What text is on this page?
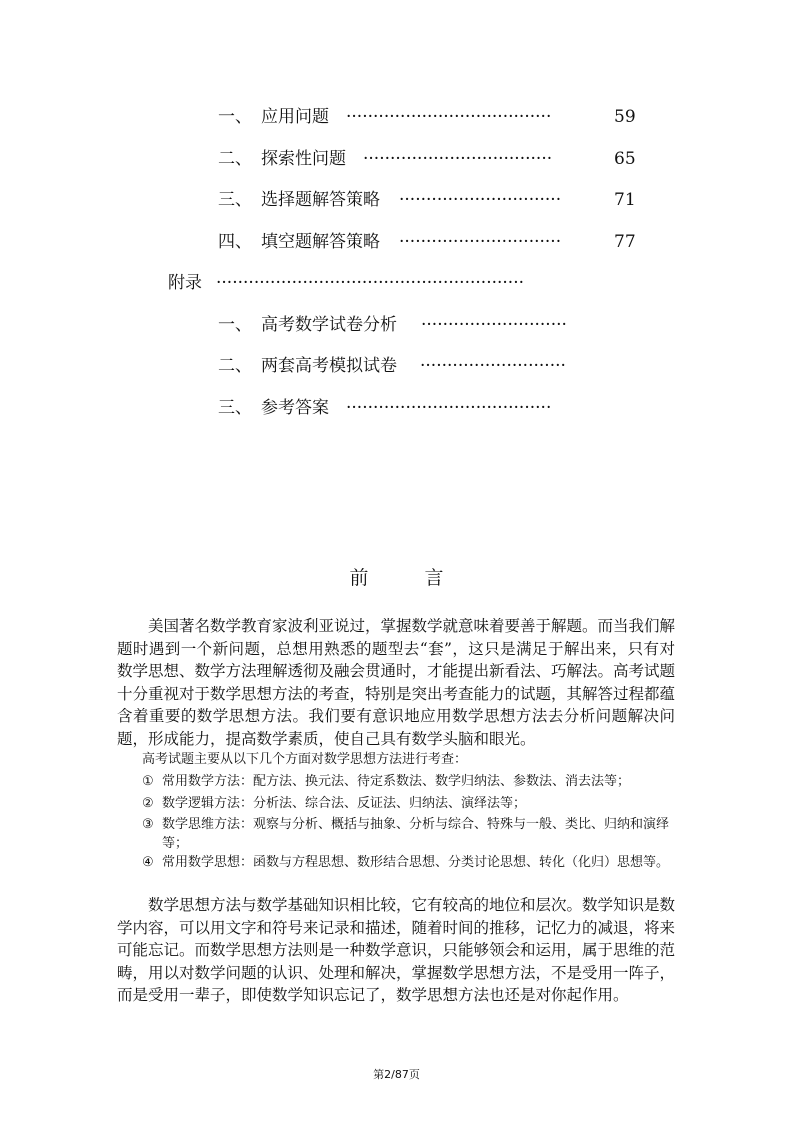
一、 应用问题 ······································	59
二、 探索性问题 ···································	65
三、 选择题解答策略 ······························	71
四、 填空题解答策略 ······························	77
附录 ·························································
一、 高考数学试卷分析 ···························
二、 两套高考模拟试卷 ···························
三、 参考答案 ······································
前言

美国著名数学教育家波利亚说过，掌握数学就意味着要善于解题。而当我们解题时遇到一个新问题，总想用熟悉的题型去“套”，这只是满足于解出来，只有对数学思想、数学方法理解透彻及融会贯通时，才能提出新看法、巧解法。高考试题十分重视对于数学思想方法的考查，特别是突出考查能力的试题，其解答过程都蕴含着重要的数学思想方法。我们要有意识地应用数学思想方法去分析问题解决问题，形成能力，提高数学素质，使自己具有数学头脑和眼光。

高考试题主要从以下几个方面对数学思想方法进行考查：

① 常用数学方法：配方法、换元法、待定系数法、数学归纳法、参数法、消去法等；
② 数学逻辑方法：分析法、综合法、反证法、归纳法、演绎法等；
③ 数学思维方法：观察与分析、概括与抽象、分析与综合、特殊与一般、类比、归纳和演绎等；
④ 常用数学思想：函数与方程思想、数形结合思想、分类讨论思想、转化（化归）思想等。

数学思想方法与数学基础知识相比较，它有较高的地位和层次。数学知识是数学内容，可以用文字和符号来记录和描述，随着时间的推移，记忆力的减退，将来可能忘记。而数学思想方法则是一种数学意识，只能够领会和运用，属于思维的范畴，用以对数学问题的认识、处理和解决，掌握数学思想方法，不是受用一阵子，而是受用一辈子，即使数学知识忘记了，数学思想方法也还是对你起作用。

第2/87页
